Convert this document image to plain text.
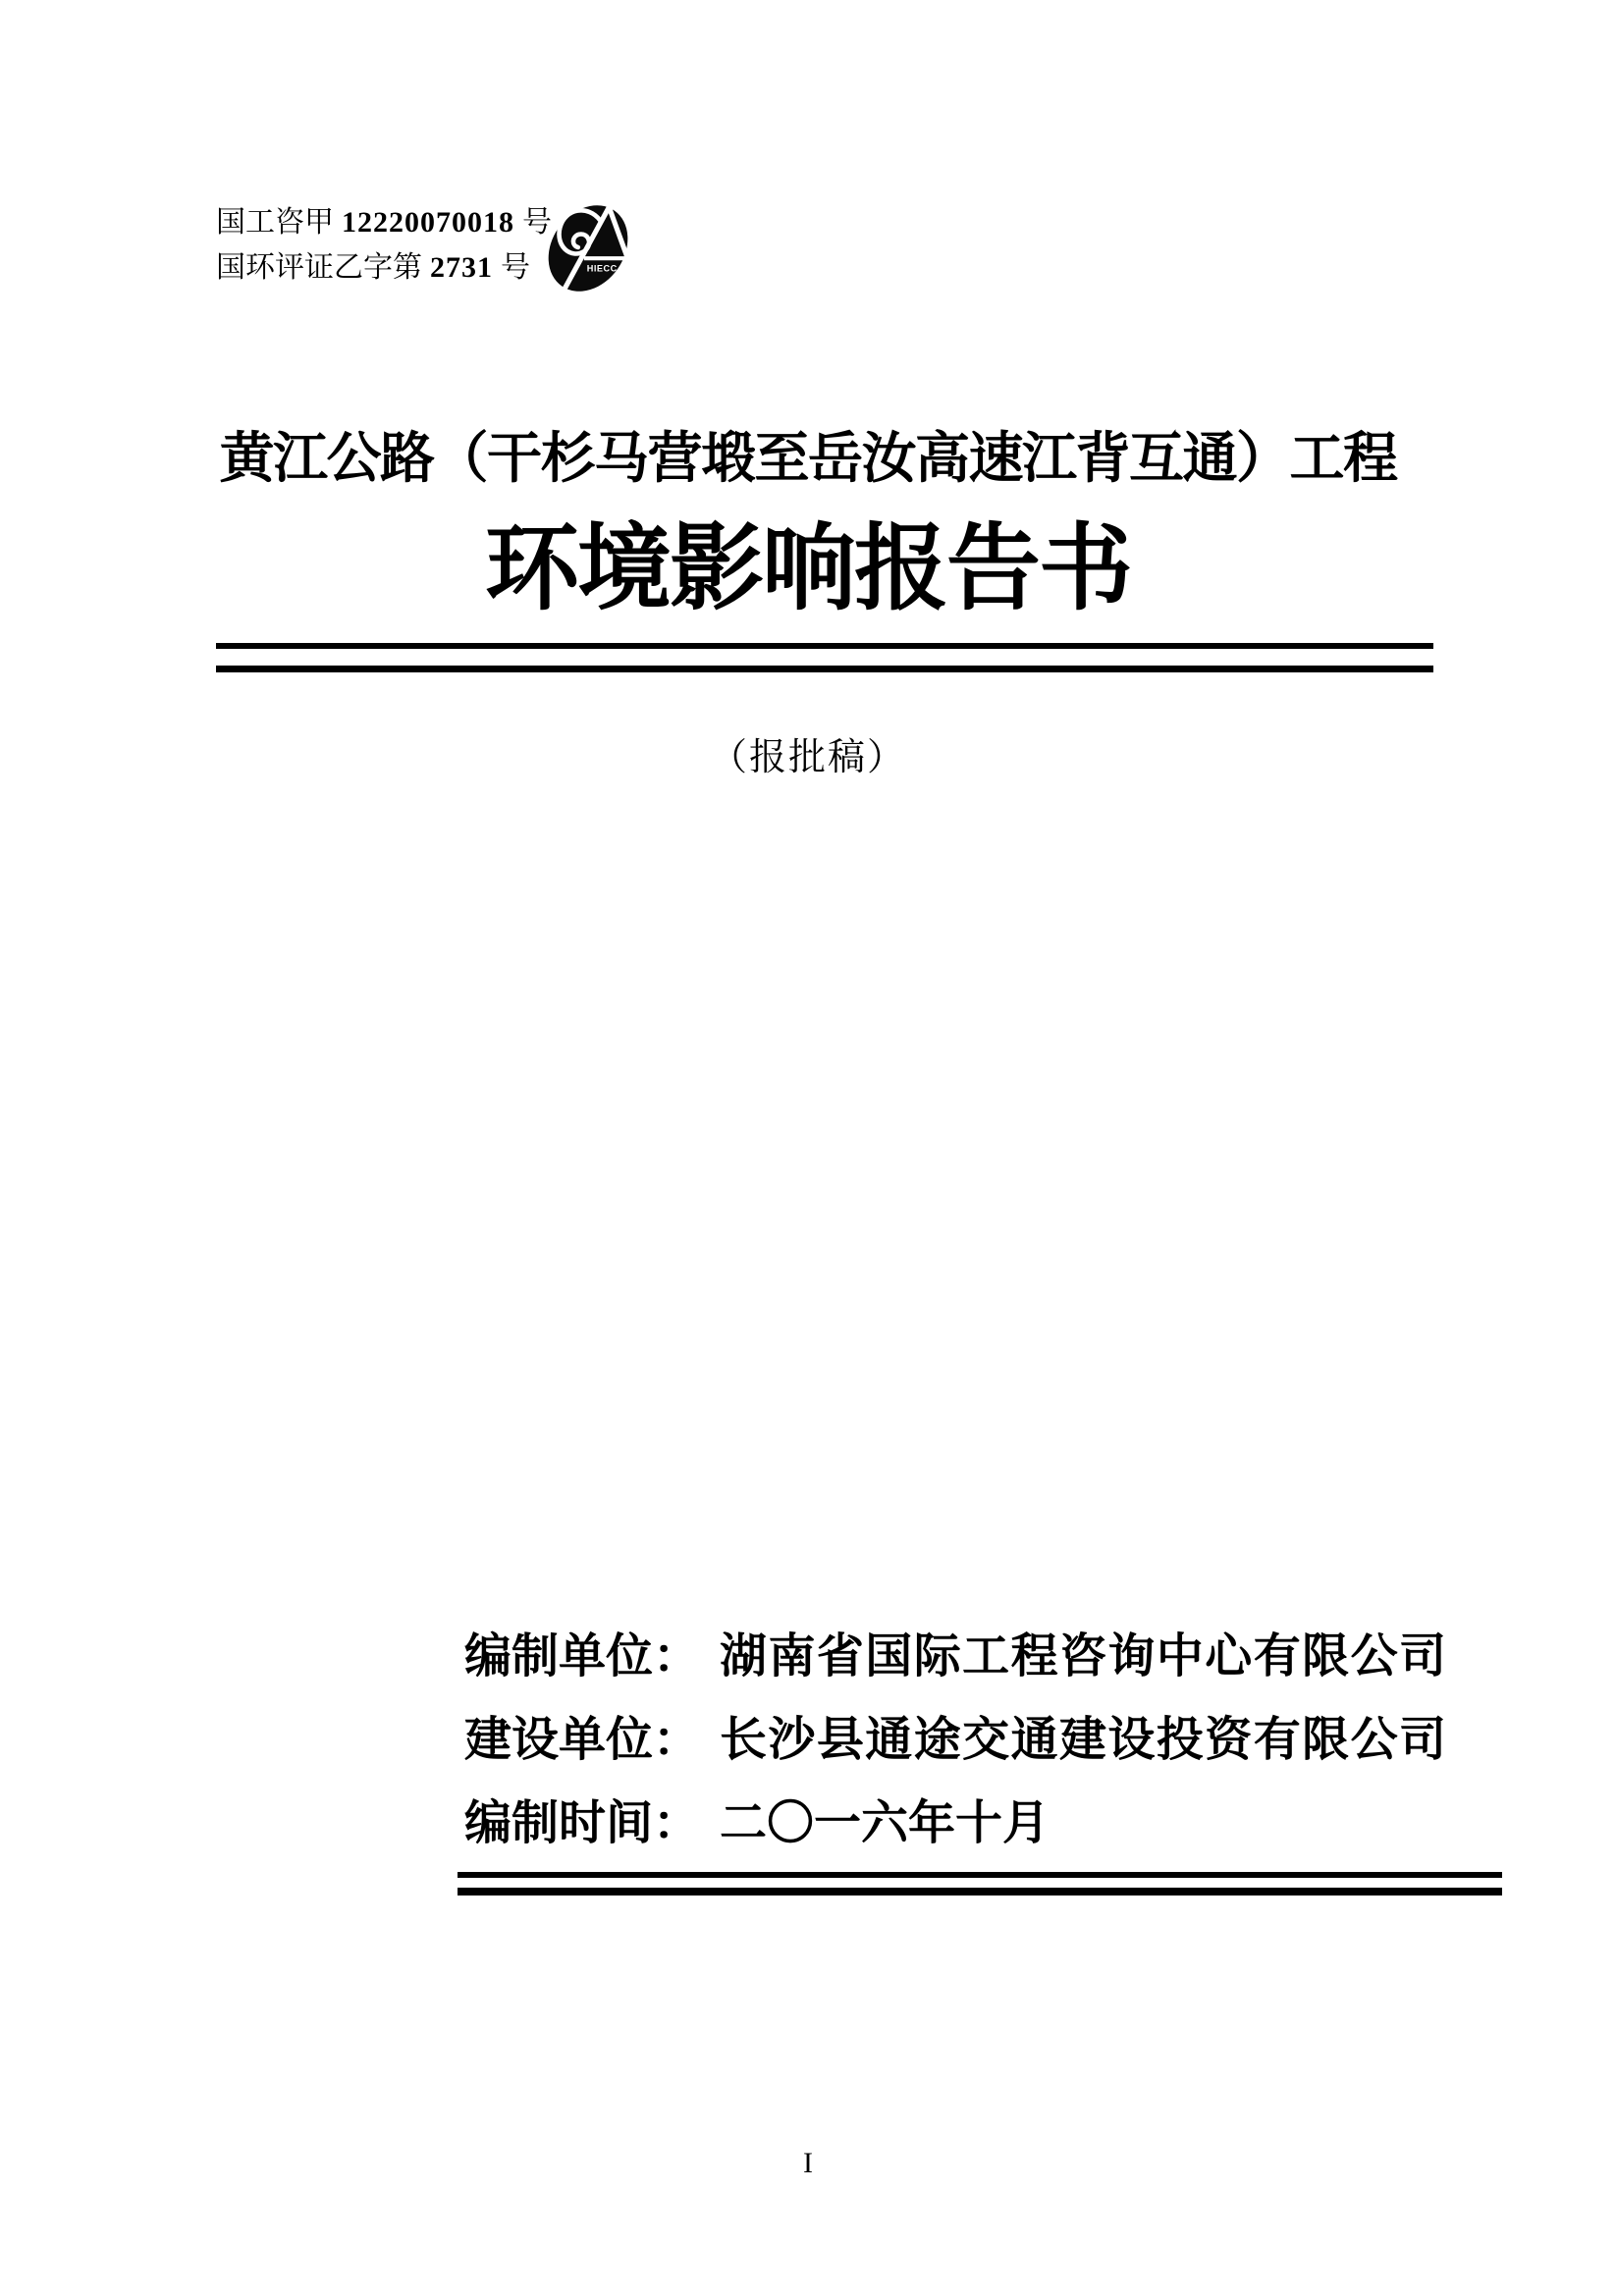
国工咨甲 12220070018 号
国环评证乙字第 2731 号	HIECC
黄江公路（干杉马营塅至岳汝高速江背互通）工程
环境影响报告书
（报批稿）
编制单位： 湖南省国际工程咨询中心有限公司
建设单位： 长沙县通途交通建设投资有限公司
编制时间： 二〇一六年十月
I
